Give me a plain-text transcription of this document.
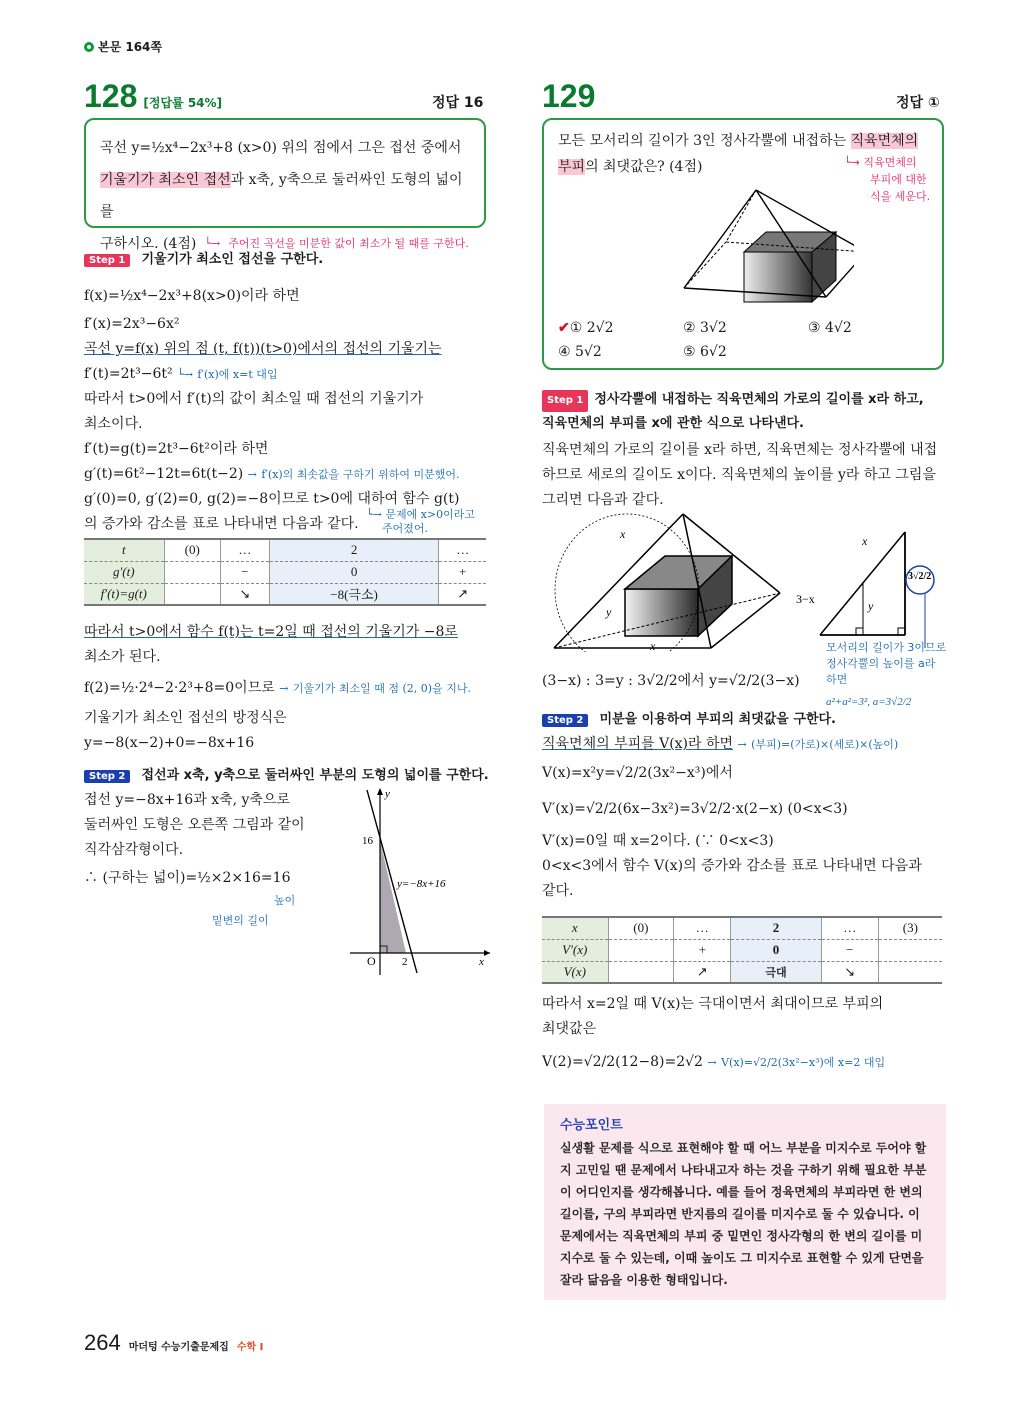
본문 164쪽
128 [정답률 54%]	정답 16
곡선 y=½x⁴−2x³+8 (x>0) 위의 점에서 그은 접선 중에서
기울기가 최소인 접선과 x축, y축으로 둘러싸인 도형의 넓이를
구하시오. (4점) └→ 주어진 곡선을 미분한 값이 최소가 될 때를 구한다.
Step 1 기울기가 최소인 접선을 구한다.
f(x)=½x⁴−2x³+8(x>0)이라 하면
f′(x)=2x³−6x²
곡선 y=f(x) 위의 점 (t, f(t))(t>0)에서의 접선의 기울기는
f′(t)=2t³−6t² └→ f′(x)에 x=t 대입
따라서 t>0에서 f′(t)의 값이 최소일 때 접선의 기울기가
최소이다.
f′(t)=g(t)=2t³−6t²이라 하면
g′(t)=6t²−12t=6t(t−2) → f′(x)의 최솟값을 구하기 위하여 미분했어.
g′(0)=0, g′(2)=0, g(2)=−8이므로 t>0에 대하여 함수 g(t)
의 증가와 감소를 표로 나타내면 다음과 같다.
└→ 문제에 x>0이라고
주어졌어.
t	(0)	…	2	…
g′(t)		−	0	+
f′(t)=g(t)		↘	−8(극소)	↗
따라서 t>0에서 함수 f(t)는 t=2일 때 접선의 기울기가 −8로
최소가 된다.
f(2)=½·2⁴−2·2³+8=0이므로 → 기울기가 최소일 때 점 (2, 0)을 지나.
기울기가 최소인 접선의 방정식은
y=−8(x−2)+0=−8x+16
Step 2 접선과 x축, y축으로 둘러싸인 부분의 도형의 넓이를 구한다.
접선 y=−8x+16과 x축, y축으로
둘러싸인 도형은 오른쪽 그림과 같이
직각삼각형이다.
∴ (구하는 넓이)=½×2×16=16
높이
밑변의 길이
y
x
O
16
2
y=−8x+16
129	정답 ①
모든 모서리의 길이가 3인 정사각뿔에 내접하는 직육면체의
부피의 최댓값은? (4점)	└→ 직육면체의
부피에 대한
식을 세운다.
✔① 2√2	② 3√2	③ 4√2
④ 5√2	⑤ 6√2
Step 1 정사각뿔에 내접하는 직육면체의 가로의 길이를 x라 하고,
직육면체의 부피를 x에 관한 식으로 나타낸다.
직육면체의 가로의 길이를 x라 하면, 직육면체는 정사각뿔에 내접
하므로 세로의 길이도 x이다. 직육면체의 높이를 y라 하고 그림을
그리면 다음과 같다.
x
y
x
x
y
3−x
3√2/2
모서리의 길이가 3이므로
정사각뿔의 높이를 a라
하면
a²+a²=3², a=3√2/2
(3−x) : 3=y : 3√2/2에서 y=√2/2(3−x)
Step 2 미분을 이용하여 부피의 최댓값을 구한다.
직육면체의 부피를 V(x)라 하면 → (부피)=(가로)×(세로)×(높이)
V(x)=x²y=√2/2(3x²−x³)에서
V′(x)=√2/2(6x−3x²)=3√2/2·x(2−x) (0<x<3)
V′(x)=0일 때 x=2이다. (∵ 0<x<3)
0<x<3에서 함수 V(x)의 증가와 감소를 표로 나타내면 다음과
같다.
x	(0)	…	2	…	(3)
V′(x)		+	0	−	
V(x)		↗	극대	↘	
따라서 x=2일 때 V(x)는 극대이면서 최대이므로 부피의
최댓값은
V(2)=√2/2(12−8)=2√2 → V(x)=√2/2(3x²−x³)에 x=2 대입
수능포인트
실생활 문제를 식으로 표현해야 할 때 어느 부분을 미지수로 두어야 할지 고민일 땐 문제에서 나타내고자 하는 것을 구하기 위해 필요한 부분이 어디인지를 생각해봅니다. 예를 들어 정육면체의 부피라면 한 변의 길이를, 구의 부피라면 반지름의 길이를 미지수로 둘 수 있습니다. 이 문제에서는 직육면체의 부피 중 밑면인 정사각형의 한 변의 길이를 미지수로 둘 수 있는데, 이때 높이도 그 미지수로 표현할 수 있게 단면을 잘라 닮음을 이용한 형태입니다.
264 마더텅 수능기출문제집 수학 I
